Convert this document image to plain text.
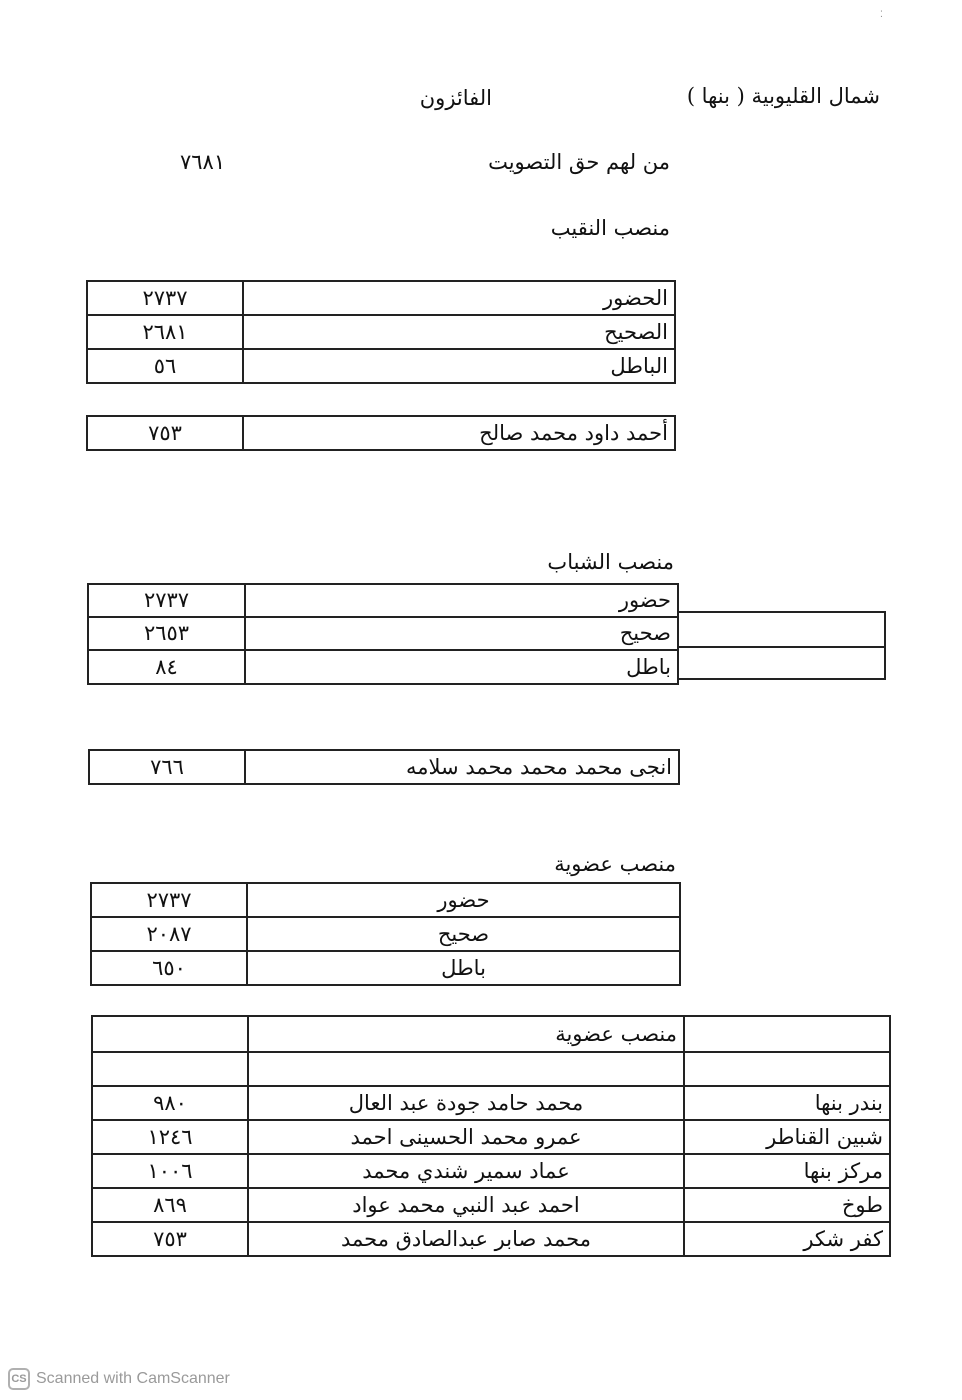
⁚
شمال القليوبية ( بنها )
الفائزون
من لهم حق التصويت
٧٦٨١
منصب النقيب
٢٧٣٧	الحضور
٢٦٨١	الصحيح
٥٦	الباطل
٧٥٣	أحمد داود محمد صالح
منصب الشباب
٢٧٣٧	حضور
٢٦٥٣	صحيح
٨٤	باطل
٧٦٦	انجى محمد محمد محمد سلامه
منصب عضوية
٢٧٣٧	حضور
٢٠٨٧	صحيح
٦٥٠	باطل
	منصب عضوية	

٩٨٠	محمد حامد جودة عبد العال	بندر بنها
١٢٤٦	عمرو محمد الحسينى احمد	شبين القناطر
١٠٠٦	عماد سمير شندي محمد	مركز بنها
٨٦٩	احمد عبد النبي محمد عواد	طوخ
٧٥٣	محمد صابر عبدالصادق محمد	كفر شكر
CS Scanned with CamScanner
